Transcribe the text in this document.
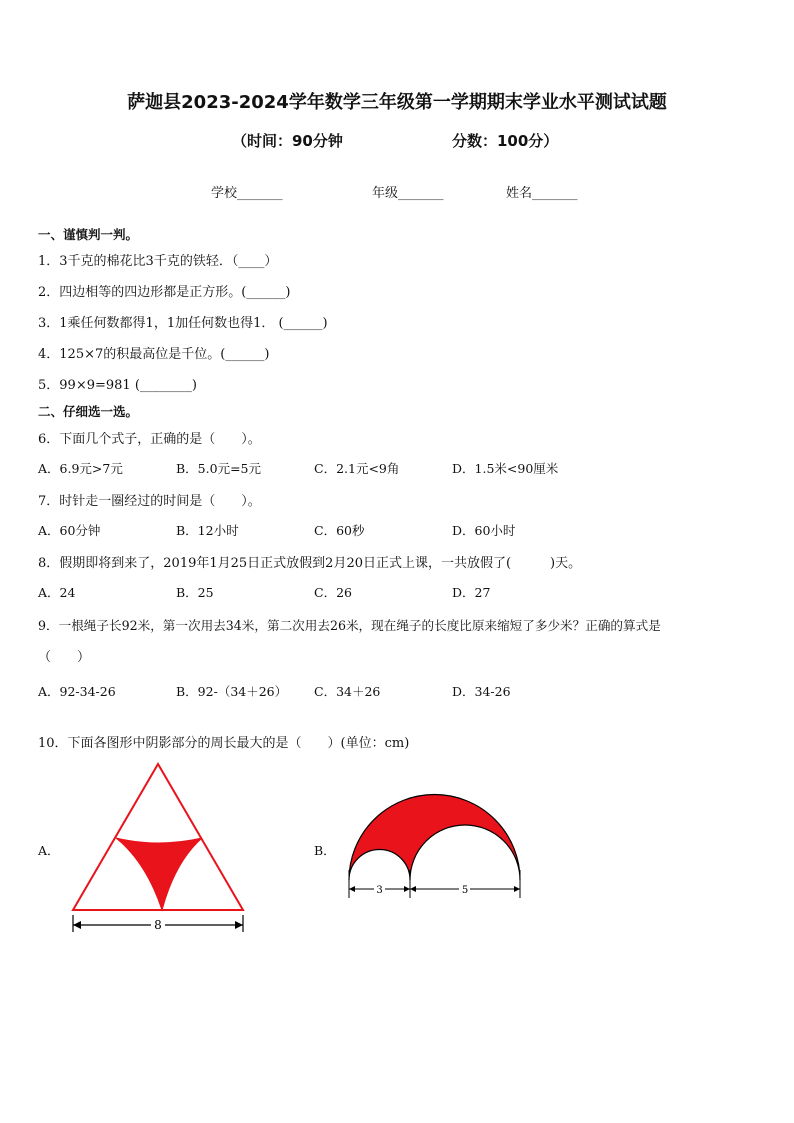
萨迦县2023-2024学年数学三年级第一学期期末学业水平测试试题
（时间：90分钟	分数：100分）
学校_______	年级_______	姓名_______
一、谨慎判一判。
1．3千克的棉花比3千克的铁轻．（____）
2．四边相等的四边形都是正方形。(______)
3．1乘任何数都得1，1加任何数也得1． (______)
4．125×7的积最高位是千位。(______)
5．99×9=981 (________)
二、仔细选一选。
6．下面几个式子，正确的是（　　）。
A．6.9元>7元	B．5.0元=5元	C．2.1元<9角	D．1.5米<90厘米
7．时针走一圈经过的时间是（　　）。
A．60分钟	B．12小时	C．60秒	D．60小时
8．假期即将到来了，2019年1月25日正式放假到2月20日正式上课，一共放假了(　　　)天。
A．24	B．25	C．26	D．27
9．一根绳子长92米，第一次用去34米，第二次用去26米，现在绳子的长度比原来缩短了多少米？正确的算式是
（　　）
A．92-34-26	B．92-（34＋26） C．34＋26	D．34-26
10．下面各图形中阴影部分的周长最大的是（　　）(单位：cm)
A．	B．
8
3	5
